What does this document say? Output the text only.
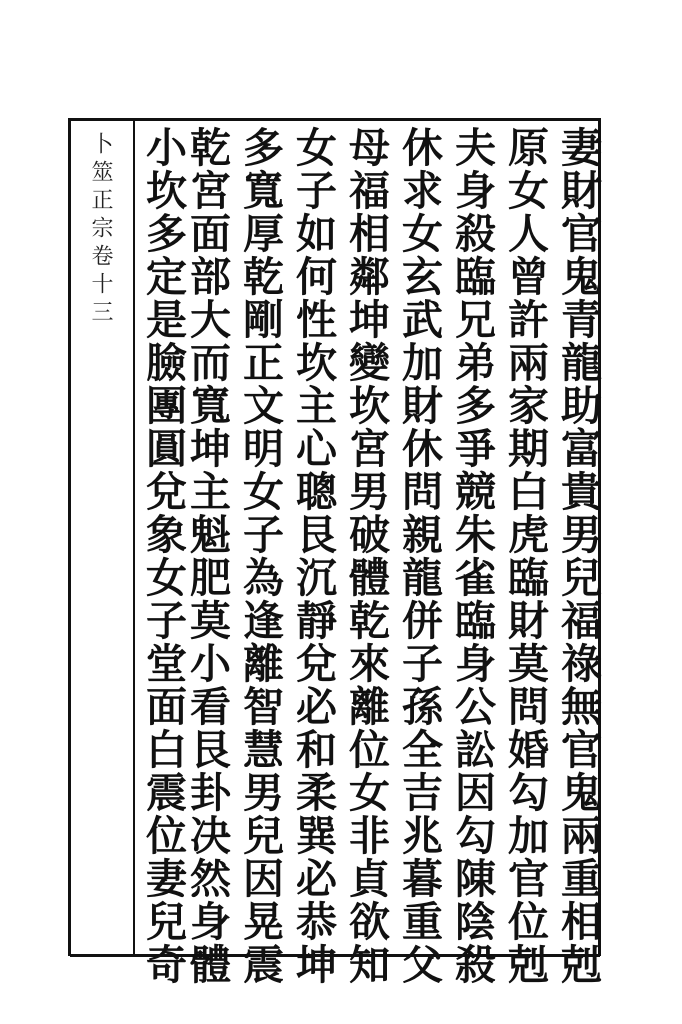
卜筮正宗卷十三	妻財官鬼青龍助富貴男兒福祿無官鬼兩重相剋
原女人曾許兩家期白虎臨財莫問婚勾加官位剋
夫身殺臨兄弟多爭競朱雀臨身公訟因勾陳陰殺
休求女玄武加財休問親龍併子孫全吉兆暮重父
母福相鄰坤變坎宮男破體乾來離位女非貞欲知
女子如何性坎主心聰艮沉靜兌必和柔巽必恭坤
多寬厚乾剛正文明女子為逢離智慧男兒因晃震
乾宮面部大而寬坤主魁肥莫小看艮卦决然身體
小坎多定是臉團圓兌象女子堂面白震位妻兒奇
